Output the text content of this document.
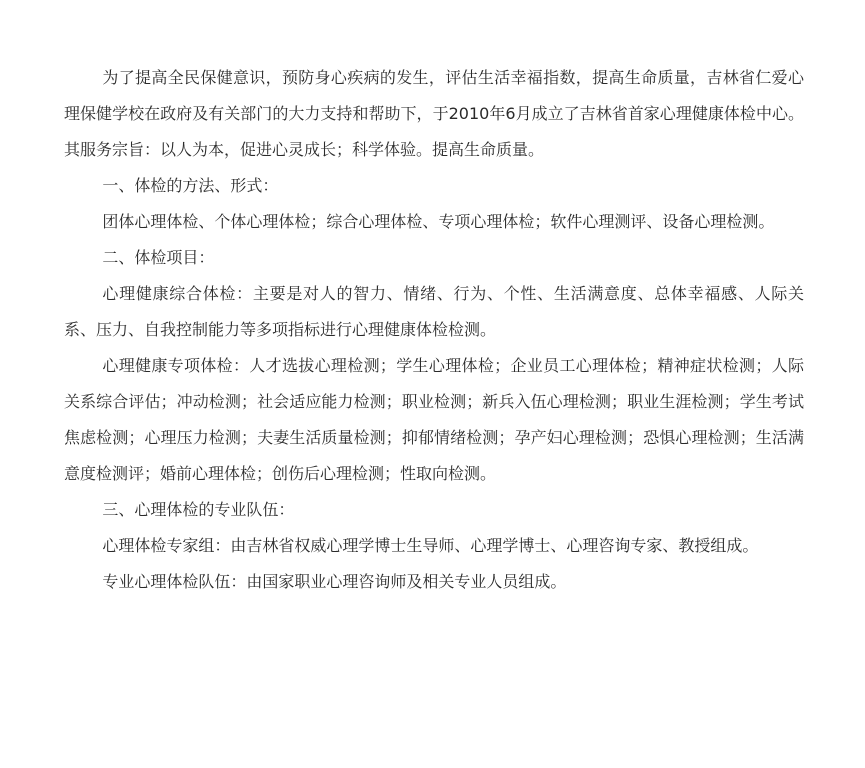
为了提高全民保健意识，预防身心疾病的发生，评估生活幸福指数，提高生命质量，吉林省仁爱心理保健学校在政府及有关部门的大力支持和帮助下，于2010年6月成立了吉林省首家心理健康体检中心。其服务宗旨：以人为本，促进心灵成长；科学体验。提高生命质量。

一、体检的方法、形式：

团体心理体检、个体心理体检；综合心理体检、专项心理体检；软件心理测评、设备心理检测。

二、体检项目：

心理健康综合体检：主要是对人的智力、情绪、行为、个性、生活满意度、总体幸福感、人际关系、压力、自我控制能力等多项指标进行心理健康体检检测。

心理健康专项体检：人才选拔心理检测；学生心理体检；企业员工心理体检；精神症状检测；人际关系综合评估；冲动检测；社会适应能力检测；职业检测；新兵入伍心理检测；职业生涯检测；学生考试焦虑检测；心理压力检测；夫妻生活质量检测；抑郁情绪检测；孕产妇心理检测；恐惧心理检测；生活满意度检测评；婚前心理体检；创伤后心理检测；性取向检测。

三、心理体检的专业队伍：

心理体检专家组：由吉林省权威心理学博士生导师、心理学博士、心理咨询专家、教授组成。

专业心理体检队伍：由国家职业心理咨询师及相关专业人员组成。
